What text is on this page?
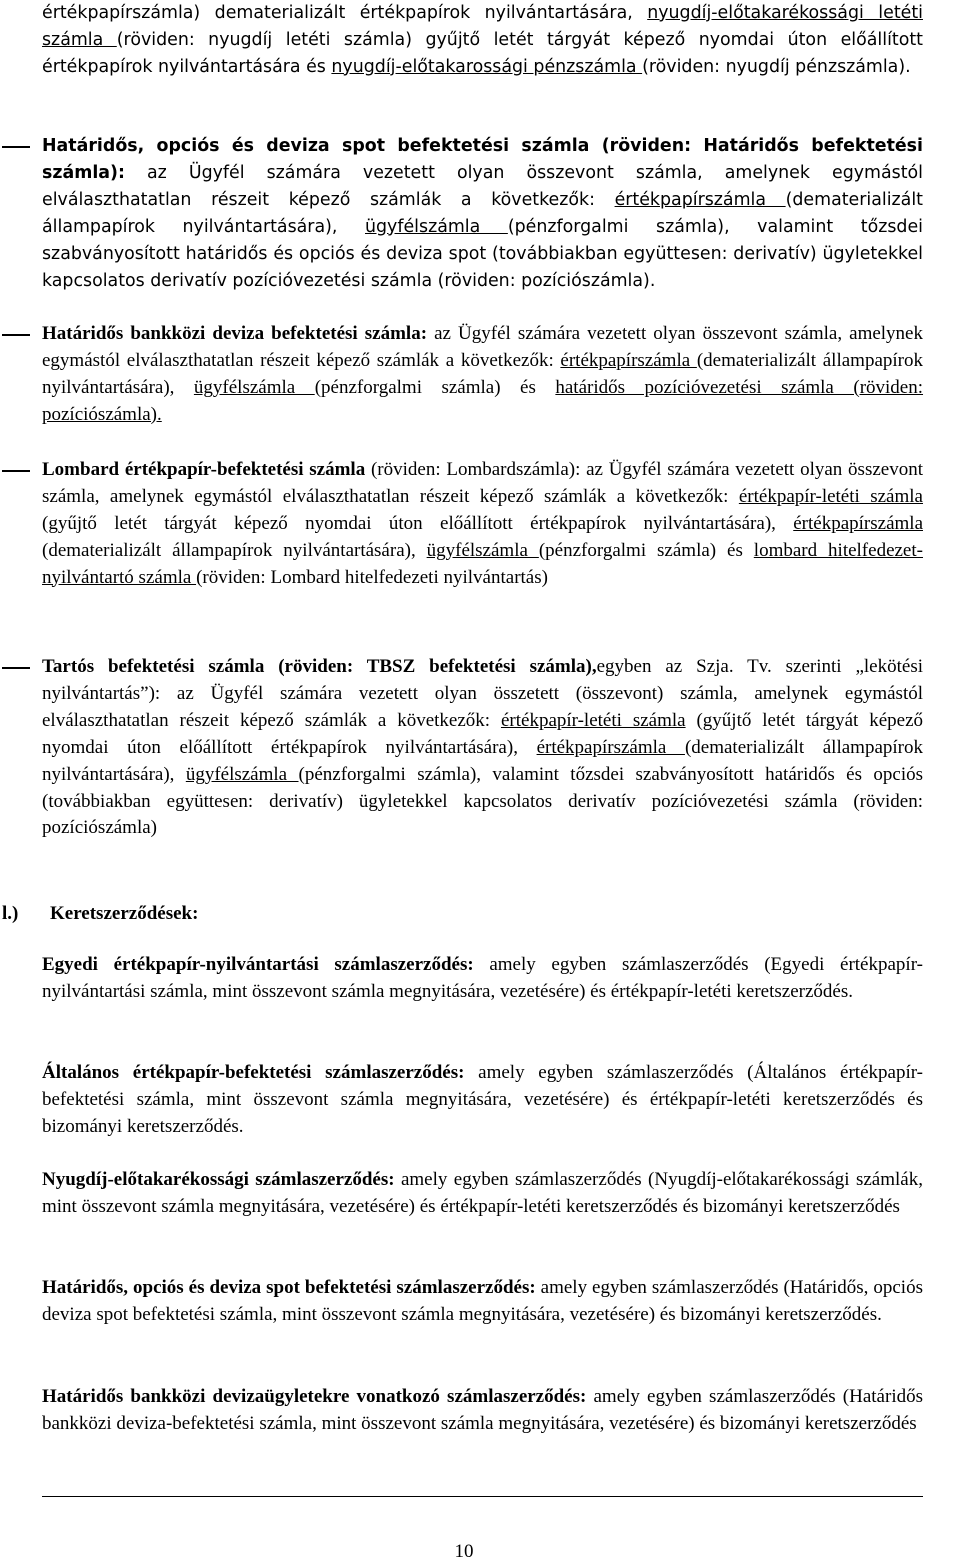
értékpapírszámla) dematerializált értékpapírok nyilvántartására, nyugdíj-előtakarékossági letéti számla (röviden: nyugdíj letéti számla) gyűjtő letét tárgyát képező nyomdai úton előállított értékpapírok nyilvántartására és nyugdíj-előtakarossági pénzszámla (röviden: nyugdíj pénzszámla).

Határidős, opciós és deviza spot befektetési számla (röviden: Határidős befektetési számla): az Ügyfél számára vezetett olyan összevont számla, amelynek egymástól elválaszthatatlan részeit képező számlák a következők: értékpapírszámla (dematerializált állampapírok nyilvántartására), ügyfélszámla (pénzforgalmi számla), valamint tőzsdei szabványosított határidős és opciós és deviza spot (továbbiakban együttesen: derivatív) ügyletekkel kapcsolatos derivatív pozícióvezetési számla (röviden: pozíciószámla).

Határidős bankközi deviza befektetési számla: az Ügyfél számára vezetett olyan összevont számla, amelynek egymástól elválaszthatatlan részeit képező számlák a következők: értékpapírszámla (dematerializált állampapírok nyilvántartására), ügyfélszámla (pénzforgalmi számla) és határidős pozícióvezetési számla (röviden: pozíciószámla).

Lombard értékpapír-befektetési számla (röviden: Lombardszámla): az Ügyfél számára vezetett olyan összevont számla, amelynek egymástól elválaszthatatlan részeit képező számlák a következők: értékpapír-letéti számla (gyűjtő letét tárgyát képező nyomdai úton előállított értékpapírok nyilvántartására), értékpapírszámla (dematerializált állampapírok nyilvántartására), ügyfélszámla (pénzforgalmi számla) és lombard hitelfedezet-nyilvántartó számla (röviden: Lombard hitelfedezeti nyilvántartás)

Tartós befektetési számla (röviden: TBSZ befektetési számla),egyben az Szja. Tv. szerinti „lekötési nyilvántartás”): az Ügyfél számára vezetett olyan összetett (összevont) számla, amelynek egymástól elválaszthatatlan részeit képező számlák a következők: értékpapír-letéti számla (gyűjtő letét tárgyát képező nyomdai úton előállított értékpapírok nyilvántartására), értékpapírszámla (dematerializált állampapírok nyilvántartására), ügyfélszámla (pénzforgalmi számla), valamint tőzsdei szabványosított határidős és opciós (továbbiakban együttesen: derivatív) ügyletekkel kapcsolatos derivatív pozícióvezetési számla (röviden: pozíciószámla)

l.) Keretszerződések:

Egyedi értékpapír-nyilvántartási számlaszerződés: amely egyben számlaszerződés (Egyedi értékpapír-nyilvántartási számla, mint összevont számla megnyitására, vezetésére) és értékpapír-letéti keretszerződés.

Általános értékpapír-befektetési számlaszerződés: amely egyben számlaszerződés (Általános értékpapír-befektetési számla, mint összevont számla megnyitására, vezetésére) és értékpapír-letéti keretszerződés és bizományi keretszerződés.

Nyugdíj-előtakarékossági számlaszerződés: amely egyben számlaszerződés (Nyugdíj-előtakarékossági számlák, mint összevont számla megnyitására, vezetésére) és értékpapír-letéti keretszerződés és bizományi keretszerződés

Határidős, opciós és deviza spot befektetési számlaszerződés: amely egyben számlaszerződés (Határidős, opciós deviza spot befektetési számla, mint összevont számla megnyitására, vezetésére) és bizományi keretszerződés.

Határidős bankközi devizaügyletekre vonatkozó számlaszerződés: amely egyben számlaszerződés (Határidős bankközi deviza-befektetési számla, mint összevont számla megnyitására, vezetésére) és bizományi keretszerződés

10
